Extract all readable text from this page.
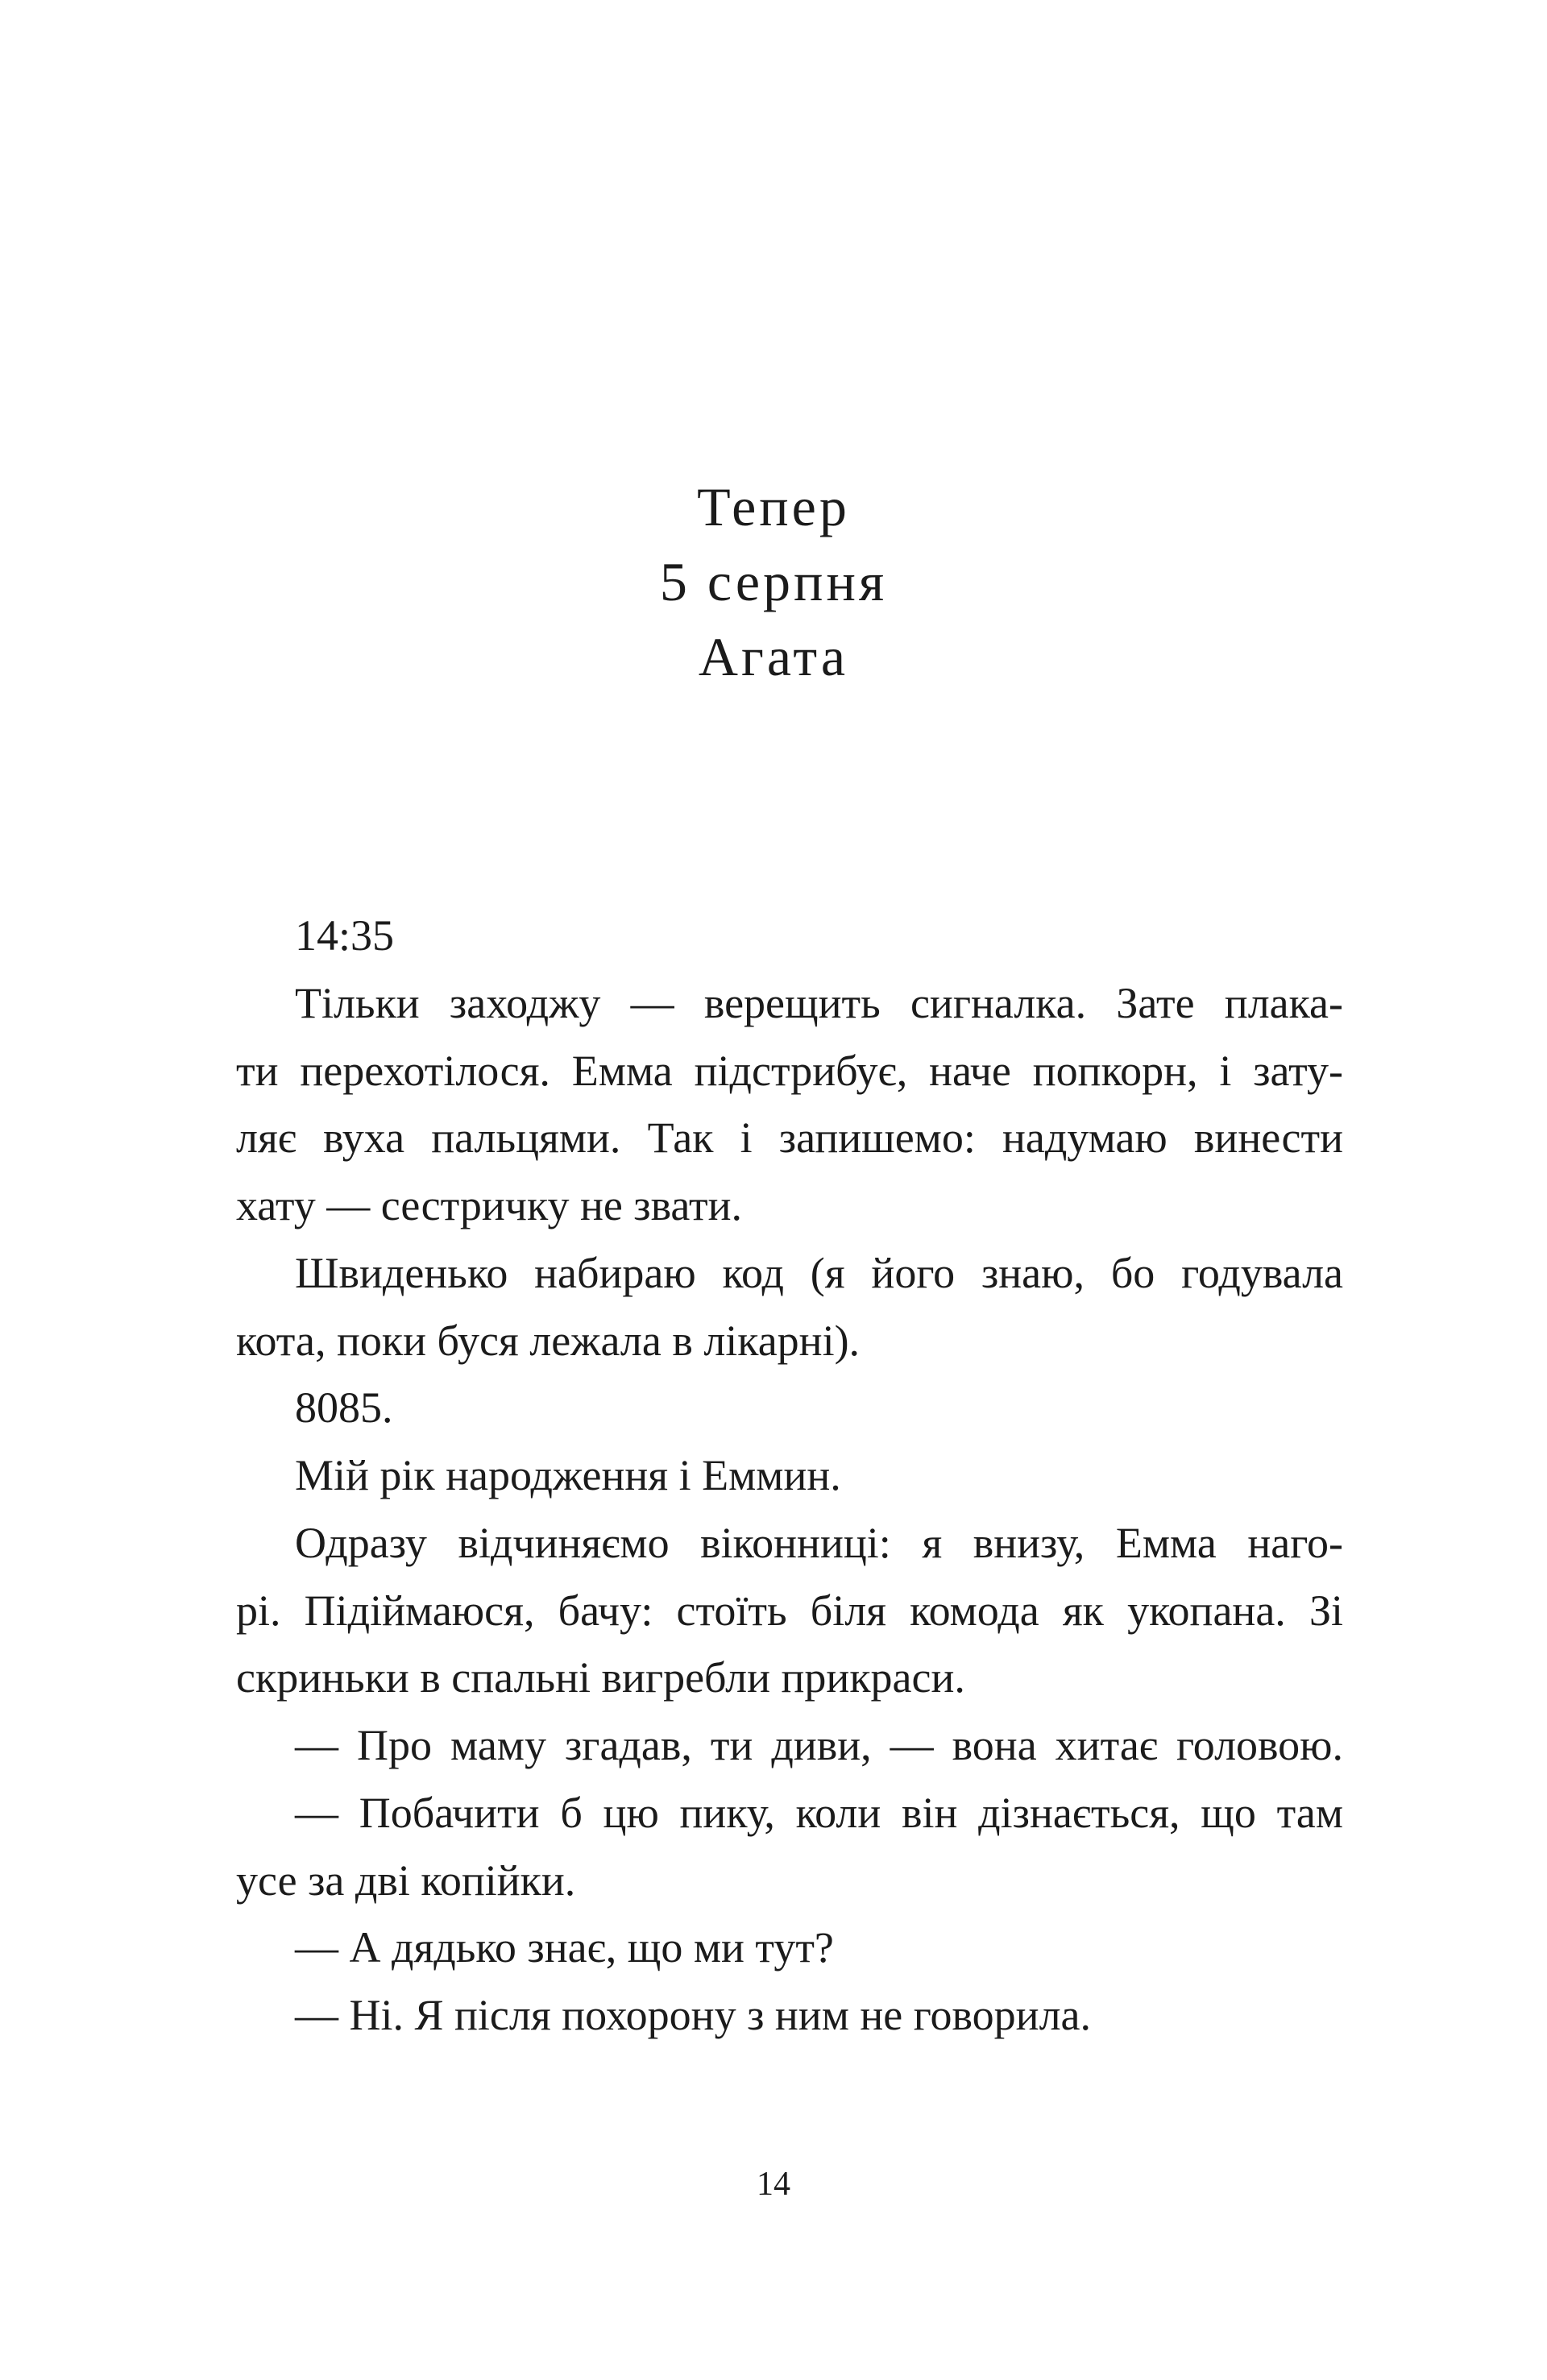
Тепер
5 серпня
Агата
14:35
Тільки заходжу — верещить сигналка. Зате плака-
ти перехотілося. Емма підстрибує, наче попкорн, і зату-
ляє вуха пальцями. Так і запишемо: надумаю винести
хату — сестричку не звати.
Швиденько набираю код (я його знаю, бо годувала
кота, поки буся лежала в лікарні).
8085.
Мій рік народження і Еммин.
Одразу відчиняємо віконниці: я внизу, Емма наго-
рі. Підіймаюся, бачу: стоїть біля комода як укопана. Зі
скриньки в спальні вигребли прикраси.
— Про маму згадав, ти диви, — вона хитає головою.
— Побачити б цю пику, коли він дізнається, що там
усе за дві копійки.
— А дядько знає, що ми тут?
— Ні. Я після похорону з ним не говорила.
14
